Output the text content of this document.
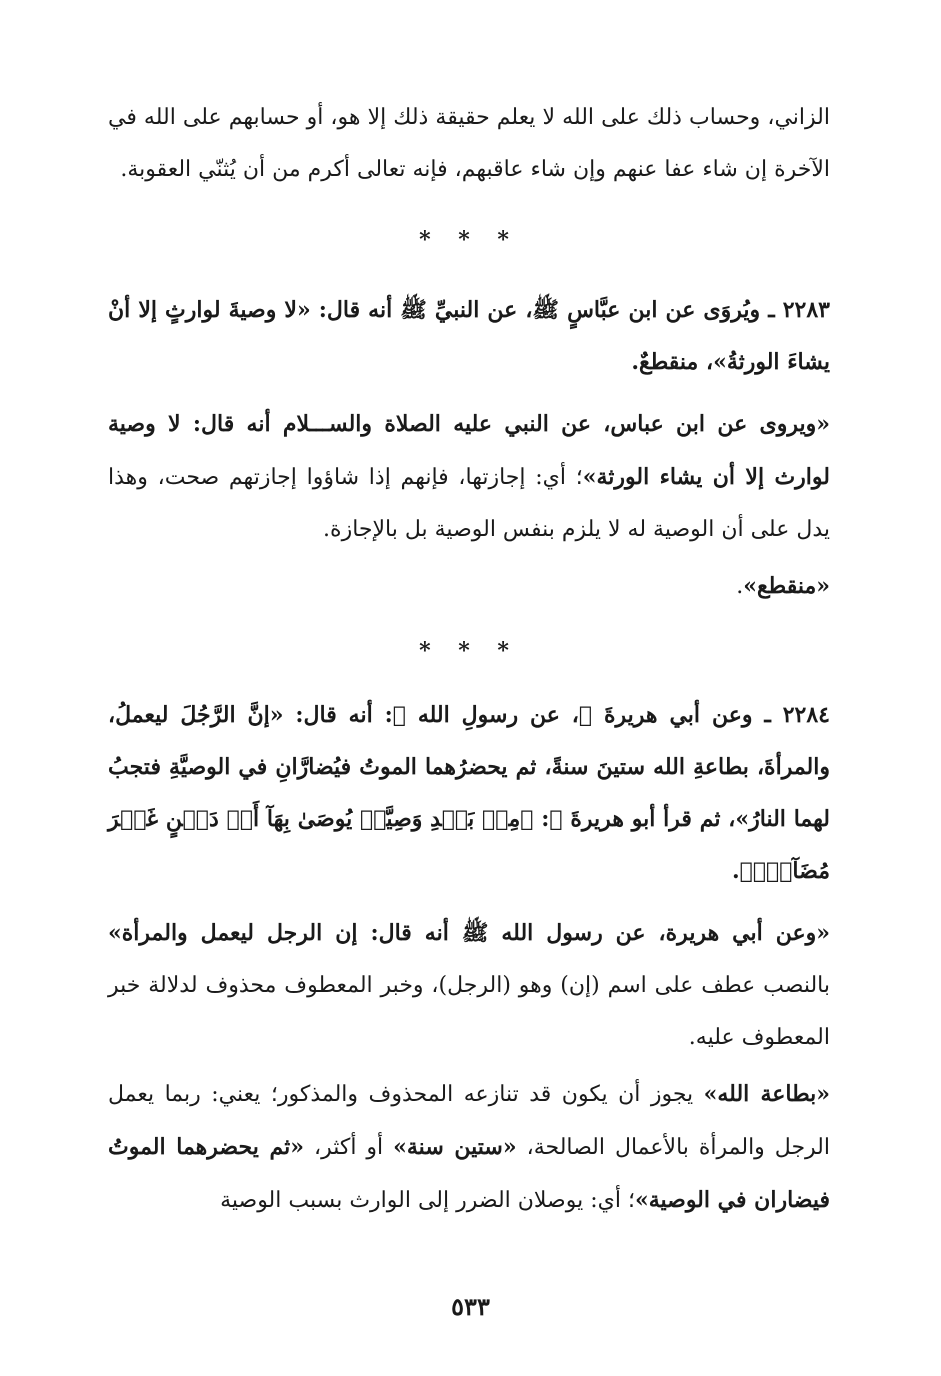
الزاني، وحساب ذلك على الله لا يعلم حقيقة ذلك إلا هو، أو حسابهم على الله في الآخرة إن شاء عفا عنهم وإن شاء عاقبهم، فإنه تعالى أكرم من أن يُثنّي العقوبة.

* * *

٢٢٨٣ ـ ويُروَى عن ابن عبَّاسٍ ﷺ، عن النبيِّ ﷺ أنه قال: «لا وصيةَ لوارثٍ إلا أنْ يشاءَ الورثةُ»، منقطعٌ.

«ويروى عن ابن عباس، عن النبي عليه الصلاة والســـلام أنه قال: لا وصية لوارث إلا أن يشاء الورثة»؛ أي: إجازتها، فإنهم إذا شاؤوا إجازتهم صحت، وهذا يدل على أن الوصية له لا يلزم بنفس الوصية بل بالإجازة.

«منقطع».

* * *

٢٢٨٤ ـ وعن أبي هريرةَ ﷺ، عن رسولِ الله ﷺ: أنه قال: «إنَّ الرَّجُلَ ليعملُ، والمرأةَ، بطاعةِ الله ستينَ سنةً، ثم يحضرُهما الموتُ فيُضارَّانِ في الوصيَّةِ فتجبُ لهما النارُ»، ثم قرأ أبو هريرةَ ﷺ: ﴿مِنۢ بَعۡدِ وَصِيَّةٖ يُوصَىٰ بِهَآ أَوۡ دَيۡنٍ غَيۡرَ مُضَآرّٖ﴾.

«وعن أبي هريرة، عن رسول الله ﷺ أنه قال: إن الرجل ليعمل والمرأة» بالنصب عطف على اسم (إن) وهو (الرجل)، وخبر المعطوف محذوف لدلالة خبر المعطوف عليه.

«بطاعة الله» يجوز أن يكون قد تنازعه المحذوف والمذكور؛ يعني: ربما يعمل الرجل والمرأة بالأعمال الصالحة، «ستين سنة» أو أكثر، «ثم يحضرهما الموتُ فيضاران في الوصية»؛ أي: يوصلان الضرر إلى الوارث بسبب الوصية

٥٣٣
